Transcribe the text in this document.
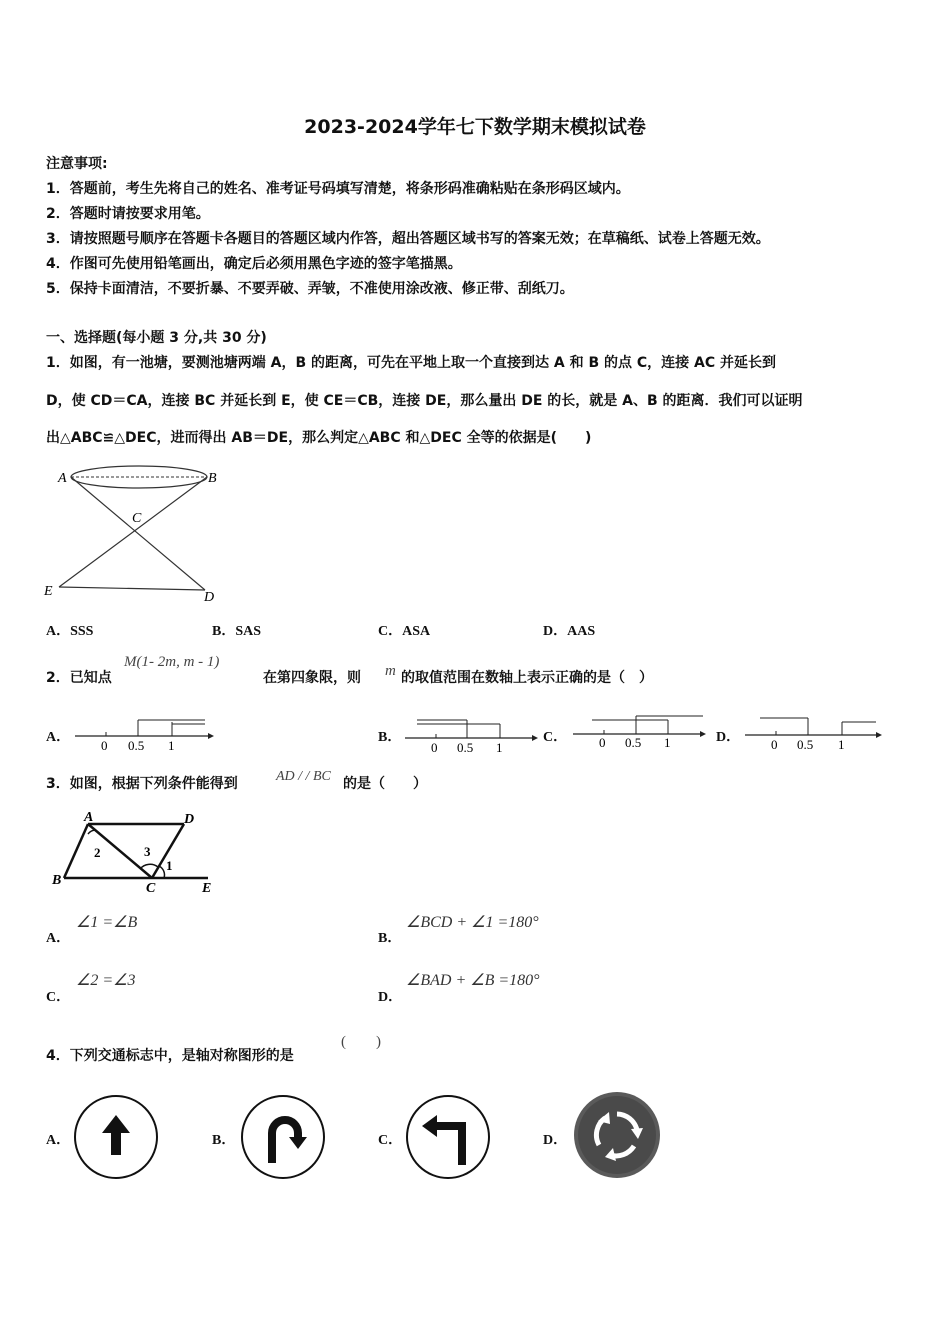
2023-2024学年七下数学期末模拟试卷
注意事项:
1．答题前，考生先将自己的姓名、准考证号码填写清楚，将条形码准确粘贴在条形码区域内。
2．答题时请按要求用笔。
3．请按照题号顺序在答题卡各题目的答题区域内作答，超出答题区域书写的答案无效；在草稿纸、试卷上答题无效。
4．作图可先使用铅笔画出，确定后必须用黑色字迹的签字笔描黑。
5．保持卡面清洁，不要折暴、不要弄破、弄皱，不准使用涂改液、修正带、刮纸刀。
一、选择题(每小题 3 分,共 30 分)
1．如图，有一池塘，要测池塘两端 A，B 的距离，可先在平地上取一个直接到达 A 和 B 的点 C，连接 AC 并延长到
D，使 CD＝CA，连接 BC 并延长到 E，使 CE＝CB，连接 DE，那么量出 DE 的长，就是 A、B 的距离．我们可以证明
出△ABC≌△DEC，进而得出 AB＝DE，那么判定△ABC 和△DEC 全等的依据是(　　)
A	B
C
D
E
A．SSS	B．SAS	C．ASA	D．AAS
2．已知点
M(1- 2m, m - 1)
在第四象限，则 m 的取值范围在数轴上表示正确的是（　）
A．
0 0.5 1
B．
0 0.5 1
C． 0 0.5 1	D． 0 0.5 1
3．如图，根据下列条件能得到	AD / / BC 的是（　　）
A	D
B
C	E
2	3
1
A．
∠1 =∠B
B．
∠BCD + ∠1 =180°
C．
∠2 =∠3
D．
∠BAD + ∠B =180°
4．下列交通标志中，是轴对称图形的是
(　　)
A．	B．	C．	D．
